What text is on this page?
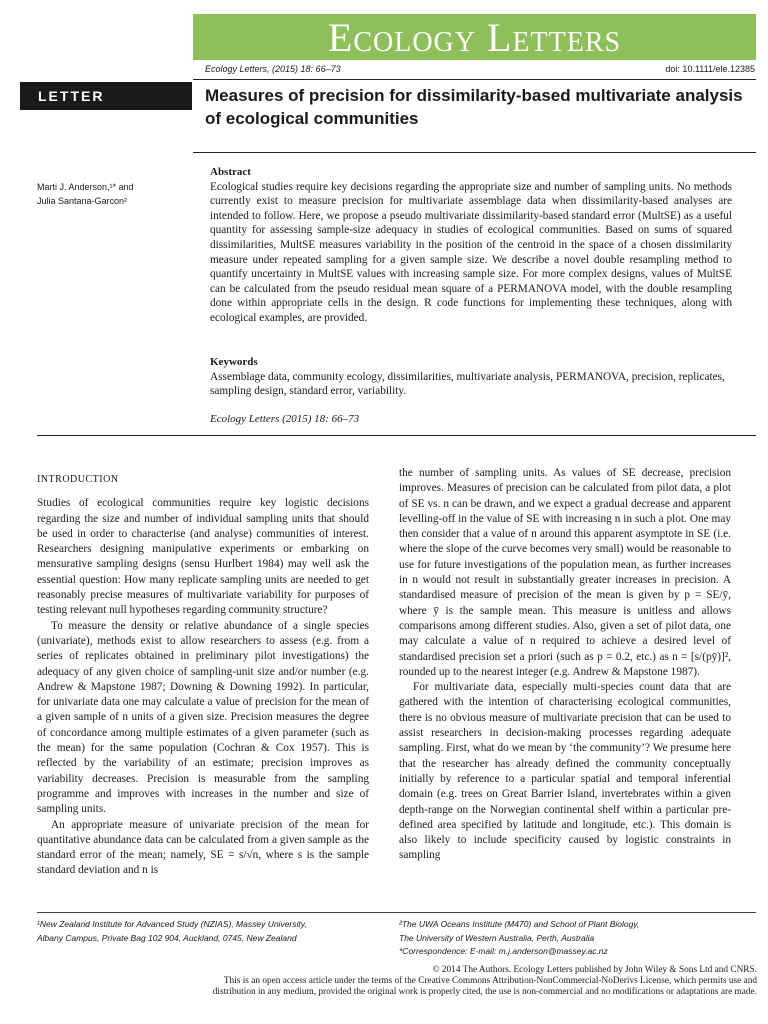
Ecology Letters
Ecology Letters, (2015) 18: 66–73	doi: 10.1111/ele.12385
LETTER	Measures of precision for dissimilarity-based multivariate analysis of ecological communities
Marti J. Anderson,¹* and
Julia Santana-Garcon²
Abstract

Ecological studies require key decisions regarding the appropriate size and number of sampling units. No methods currently exist to measure precision for multivariate assemblage data when dissimilarity-based analyses are intended to follow. Here, we propose a pseudo multivariate dissimilarity-based standard error (MultSE) as a useful quantity for assessing sample-size adequacy in studies of ecological communities. Based on sums of squared dissimilarities, MultSE measures variability in the position of the centroid in the space of a chosen dissimilarity measure under repeated sampling for a given sample size. We describe a novel double resampling method to quantify uncertainty in MultSE values with increasing sample size. For more complex designs, values of MultSE can be calculated from the pseudo residual mean square of a PERMANOVA model, with the double resampling done within appropriate cells in the design. R code functions for implementing these techniques, along with ecological examples, are provided.

Keywords

Assemblage data, community ecology, dissimilarities, multivariate analysis, PERMANOVA, precision, replicates, sampling design, standard error, variability.

Ecology Letters (2015) 18: 66–73
INTRODUCTION

Studies of ecological communities require key logistic decisions regarding the size and number of individual sampling units that should be used in order to characterise (and analyse) communities of interest. Researchers designing manipulative experiments or embarking on mensurative sampling designs (sensu Hurlbert 1984) may well ask the essential question: How many replicate sampling units are needed to get reasonably precise measures of multivariate variability for purposes of testing relevant null hypotheses regarding community structure?

To measure the density or relative abundance of a single species (univariate), methods exist to allow researchers to assess (e.g. from a series of replicates obtained in preliminary pilot investigations) the adequacy of any given choice of sampling-unit size and/or number (e.g. Andrew & Mapstone 1987; Downing & Downing 1992). In particular, for univariate data one may calculate a value of precision for the mean of a given sample of n units of a given size. Precision measures the degree of concordance among multiple estimates of a given parameter (such as the mean) for the same population (Cochran & Cox 1957). This is reflected by the variability of an estimate; precision improves as variability decreases. Precision is measurable from the sampling programme and improves with increases in the number and size of sampling units.

An appropriate measure of univariate precision of the mean for quantitative abundance data can be calculated from a given sample as the standard error of the mean; namely, SE = s/√n, where s is the sample standard deviation and n is

the number of sampling units. As values of SE decrease, precision improves. Measures of precision can be calculated from pilot data, a plot of SE vs. n can be drawn, and we expect a gradual decrease and apparent levelling-off in the value of SE with increasing n in such a plot. One may then consider that a value of n around this apparent asymptote in SE (i.e. where the slope of the curve becomes very small) would be reasonable to use for future investigations of the population mean, as further increases in n would not result in substantially greater increases in precision. A standardised measure of precision of the mean is given by p = SE/ȳ, where ȳ is the sample mean. This measure is unitless and allows comparisons among different studies. Also, given a set of pilot data, one may calculate a value of n required to achieve a desired level of standardised precision set a priori (such as p = 0.2, etc.) as n = [s/(pȳ)]², rounded up to the nearest integer (e.g. Andrew & Mapstone 1987).

For multivariate data, especially multi-species count data that are gathered with the intention of characterising ecological communities, there is no obvious measure of multivariate precision that can be used to assist researchers in decision-making processes regarding adequate sampling. First, what do we mean by ‘the community’? We presume here that the researcher has already defined the community conceptually initially by reference to a particular spatial and temporal inferential domain (e.g. trees on Great Barrier Island, invertebrates within a given depth-range on the Norwegian continental shelf within a particular pre-defined area specified by latitude and longitude, etc.). This domain is also likely to include specificity caused by logistic constraints in sampling

¹New Zealand Institute for Advanced Study (NZIAS), Massey University,
Albany Campus, Private Bag 102 904, Auckland, 0745, New Zealand
²The UWA Oceans Institute (M470) and School of Plant Biology,
The University of Western Australia, Perth, Australia
*Correspondence: E-mail: m.j.anderson@massey.ac.nz
© 2014 The Authors. Ecology Letters published by John Wiley & Sons Ltd and CNRS.
This is an open access article under the terms of the Creative Commons Attribution-NonCommercial-NoDerivs License, which permits use and
distribution in any medium, provided the original work is properly cited, the use is non-commercial and no modifications or adaptations are made.
